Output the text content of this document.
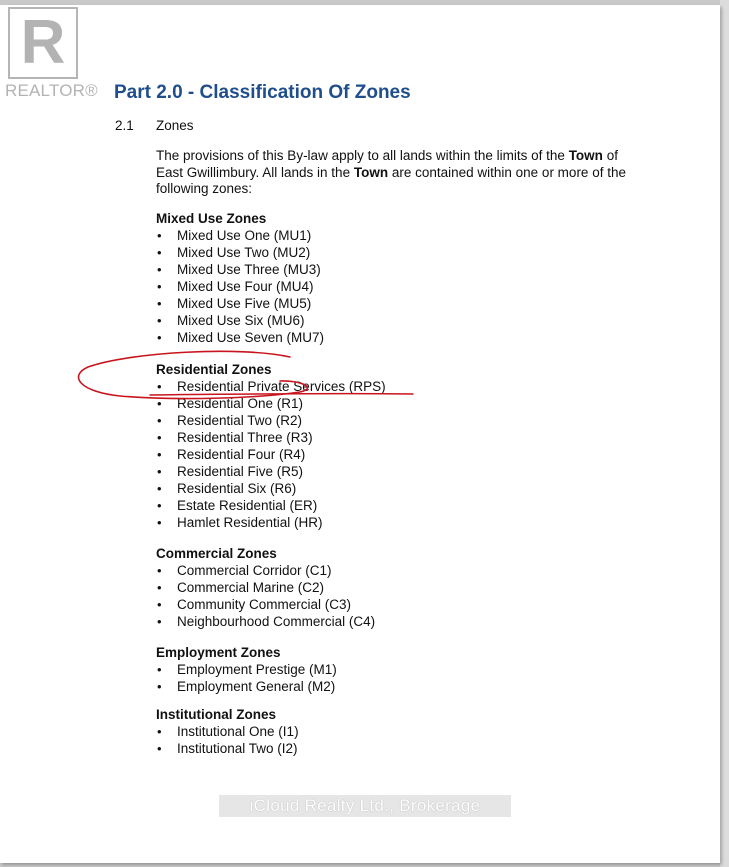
R
REALTOR® Part 2.0 - Classification Of Zones
2.1 Zones

The provisions of this By-law apply to all lands within the limits of the Town of East Gwillimbury. All lands in the Town are contained within one or more of the following zones:

Mixed Use Zones

• Mixed Use One (MU1)
• Mixed Use Two (MU2)
• Mixed Use Three (MU3)
• Mixed Use Four (MU4)
• Mixed Use Five (MU5)
• Mixed Use Six (MU6)
• Mixed Use Seven (MU7)

Residential Zones

• Residential Private Services (RPS)
• Residential One (R1)
• Residential Two (R2)
• Residential Three (R3)
• Residential Four (R4)
• Residential Five (R5)
• Residential Six (R6)
• Estate Residential (ER)
• Hamlet Residential (HR)

Commercial Zones

• Commercial Corridor (C1)
• Commercial Marine (C2)
• Community Commercial (C3)
• Neighbourhood Commercial (C4)

Employment Zones

• Employment Prestige (M1)
• Employment General (M2)

Institutional Zones

• Institutional One (I1)
• Institutional Two (I2)
iCloud Realty Ltd., Brokerage
